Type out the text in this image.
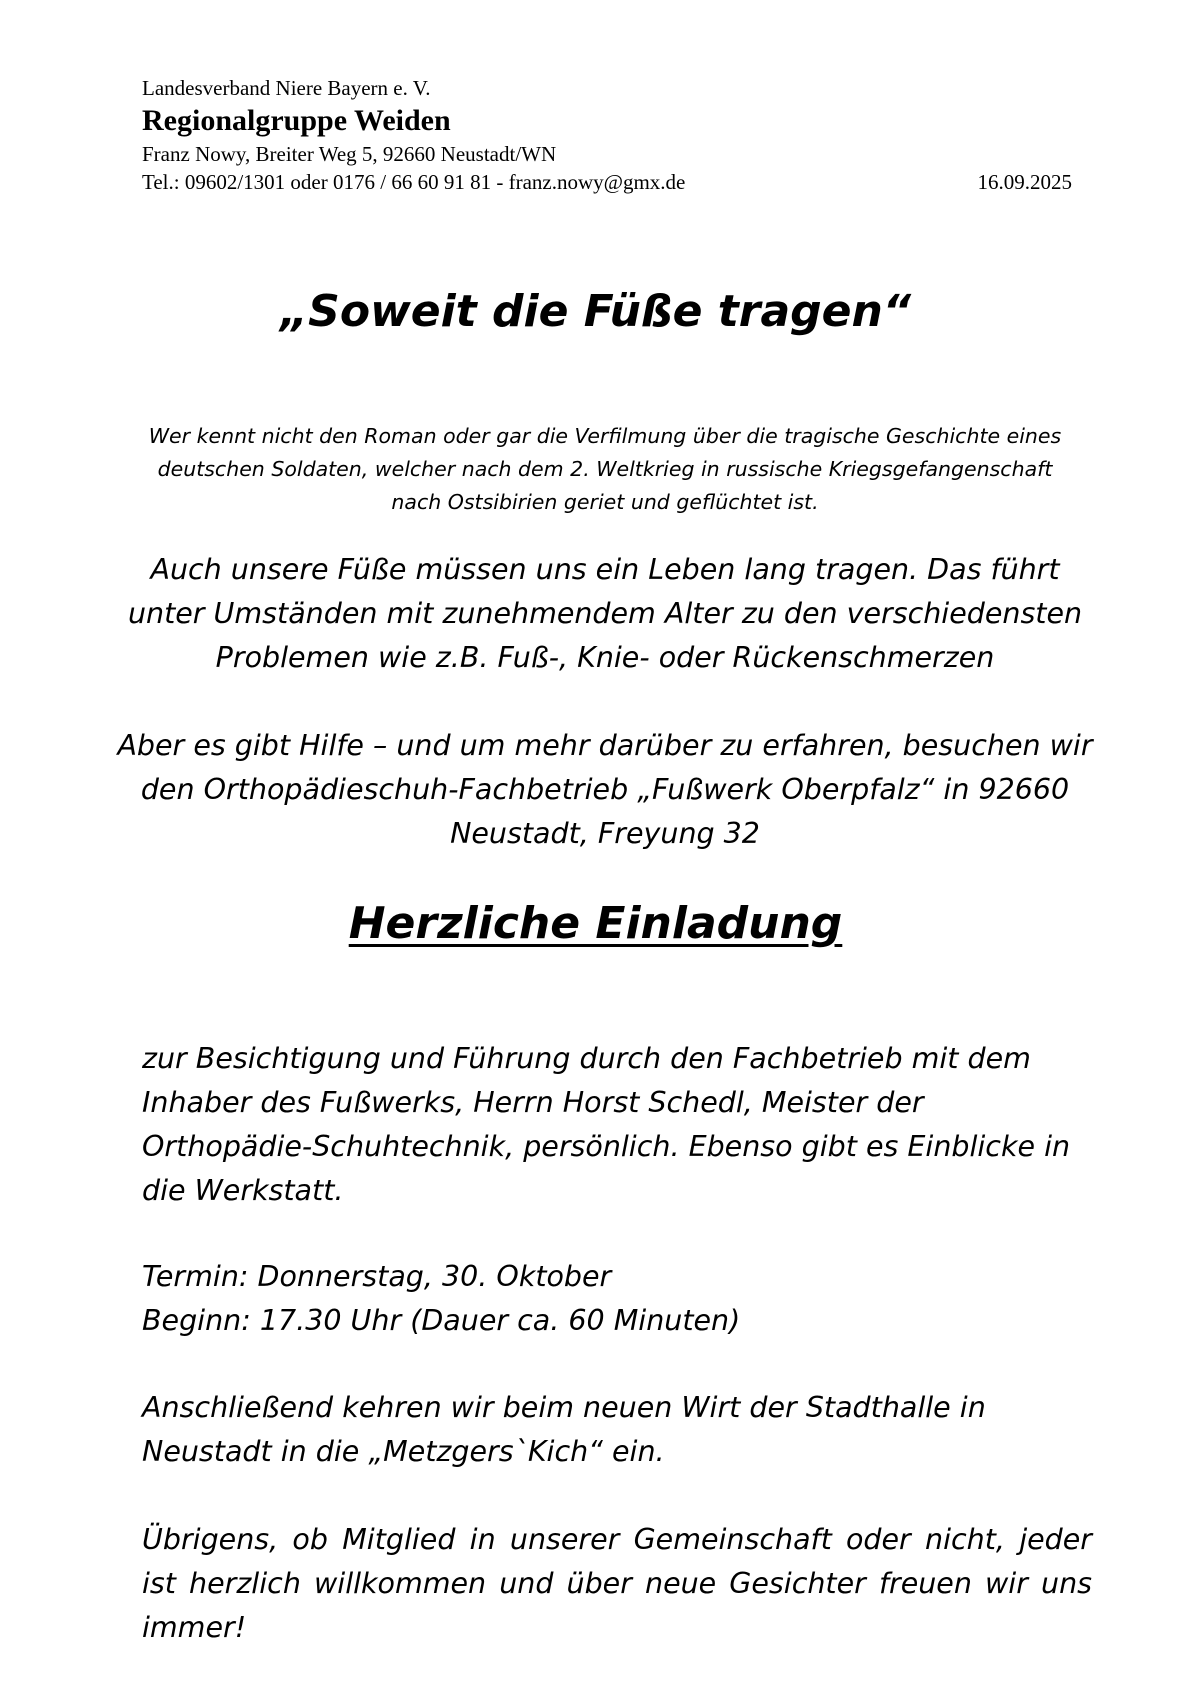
Landesverband Niere Bayern e. V.
Regionalgruppe Weiden
Franz Nowy, Breiter Weg 5, 92660 Neustadt/WN
Tel.: 09602/1301 oder 0176 / 66 60 91 81 - franz.nowy@gmx.de	16.09.2025
„Soweit die Füße tragen“
Wer kennt nicht den Roman oder gar die Verfilmung über die tragische Geschichte eines deutschen Soldaten, welcher nach dem 2. Weltkrieg in russische Kriegsgefangenschaft nach Ostsibirien geriet und geflüchtet ist.
Auch unsere Füße müssen uns ein Leben lang tragen. Das führt unter Umständen mit zunehmendem Alter zu den verschiedensten Problemen wie z.B. Fuß-, Knie- oder Rückenschmerzen
Aber es gibt Hilfe – und um mehr darüber zu erfahren, besuchen wir den Orthopädieschuh-Fachbetrieb „Fußwerk Oberpfalz“ in 92660 Neustadt, Freyung 32
Herzliche Einladung
zur Besichtigung und Führung durch den Fachbetrieb mit dem Inhaber des Fußwerks, Herrn Horst Schedl, Meister der Orthopädie-Schuhtechnik, persönlich. Ebenso gibt es Einblicke in die Werkstatt.
Termin: Donnerstag, 30. Oktober
Beginn: 17.30 Uhr (Dauer ca. 60 Minuten)
Anschließend kehren wir beim neuen Wirt der Stadthalle in
Neustadt in die „Metzgers`Kich“ ein.
Übrigens, ob Mitglied in unserer Gemeinschaft oder nicht, jeder ist herzlich willkommen und über neue Gesichter freuen wir uns immer!
